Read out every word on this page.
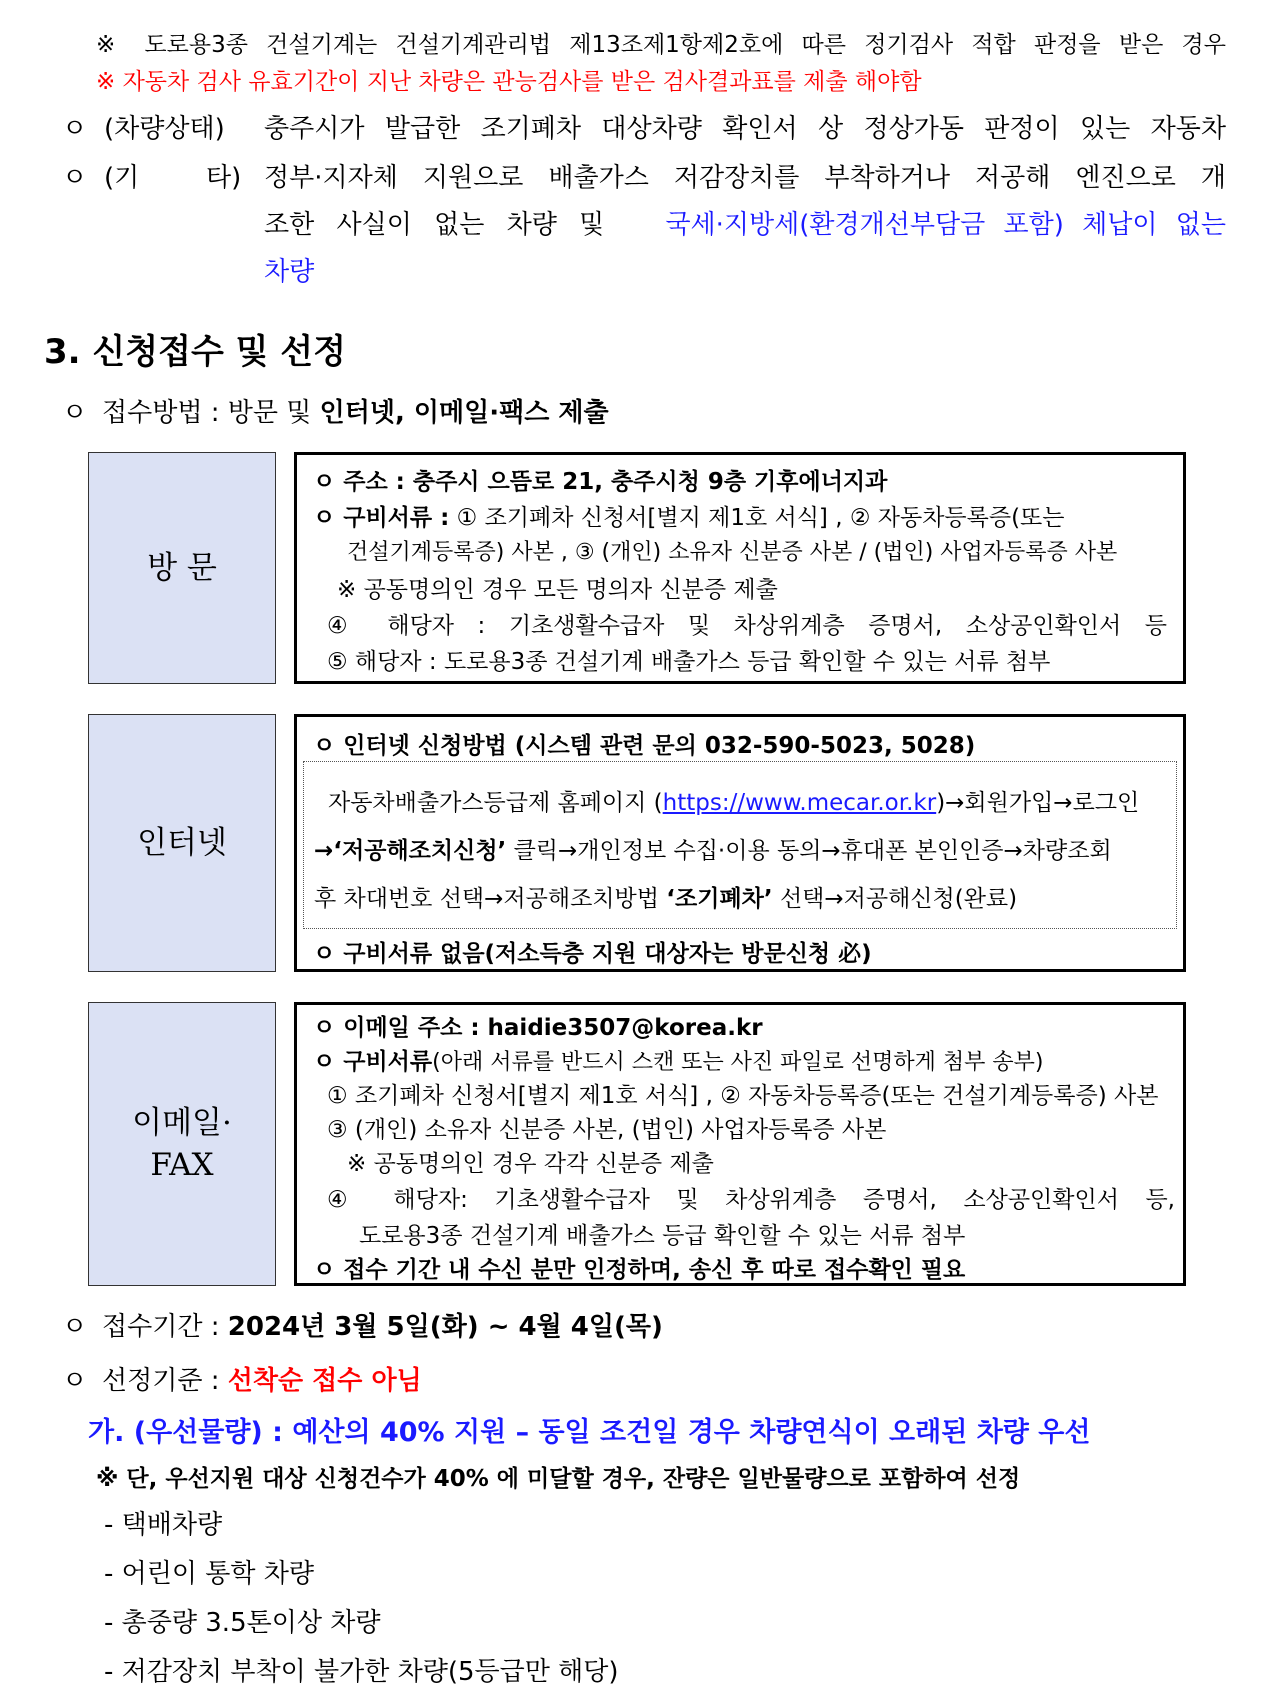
※ 도로용3종 건설기계는 건설기계관리법 제13조제1항제2호에 따른 정기검사 적합 판정을 받은 경우
※ 자동차 검사 유효기간이 지난 차량은 관능검사를 받은 검사결과표를 제출 해야함
ㅇ (차량상태) 충주시가 발급한 조기폐차 대상차량 확인서 상 정상가동 판정이 있는 자동차
ㅇ (기	타) 정부·지자체 지원으로 배출가스 저감장치를 부착하거나 저공해 엔진으로 개
조한 사실이 없는 차량 및 국세·지방세(환경개선부담금 포함) 체납이 없는
차량
3. 신청접수 및 선정
ㅇ 접수방법 : 방문 및 인터넷, 이메일·팩스 제출
방 문
ㅇ 주소 : 충주시 으뜸로 21, 충주시청 9층 기후에너지과
ㅇ 구비서류 : ① 조기폐차 신청서[별지 제1호 서식] , ② 자동차등록증(또는
건설기계등록증) 사본 , ③ (개인) 소유자 신분증 사본 / (법인) 사업자등록증 사본
※ 공동명의인 경우 모든 명의자 신분증 제출
④ 해당자 : 기초생활수급자 및 차상위계층 증명서, 소상공인확인서 등
⑤ 해당자 : 도로용3종 건설기계 배출가스 등급 확인할 수 있는 서류 첨부
인터넷
ㅇ 인터넷 신청방법 (시스템 관련 문의 032-590-5023, 5028)
자동차배출가스등급제 홈페이지 (https://www.mecar.or.kr)→회원가입→로그인
→‘저공해조치신청’ 클릭→개인정보 수집·이용 동의→휴대폰 본인인증→차량조회
후 차대번호 선택→저공해조치방법 ‘조기폐차’ 선택→저공해신청(완료)
ㅇ 구비서류 없음(저소득층 지원 대상자는 방문신청 必)
이메일·
FAX
ㅇ 이메일 주소 : haidie3507@korea.kr
ㅇ 구비서류(아래 서류를 반드시 스캔 또는 사진 파일로 선명하게 첨부 송부)
① 조기폐차 신청서[별지 제1호 서식] , ② 자동차등록증(또는 건설기계등록증) 사본
③ (개인) 소유자 신분증 사본, (법인) 사업자등록증 사본
※ 공동명의인 경우 각각 신분증 제출
④ 해당자: 기초생활수급자 및 차상위계층 증명서, 소상공인확인서 등,
도로용3종 건설기계 배출가스 등급 확인할 수 있는 서류 첨부
ㅇ 접수 기간 내 수신 분만 인정하며, 송신 후 따로 접수확인 필요
ㅇ 접수기간 : 2024년 3월 5일(화) ~ 4월 4일(목)
ㅇ 선정기준 : 선착순 접수 아님
가. (우선물량) : 예산의 40% 지원 – 동일 조건일 경우 차량연식이 오래된 차량 우선
※ 단, 우선지원 대상 신청건수가 40% 에 미달할 경우, 잔량은 일반물량으로 포함하여 선정
- 택배차량
- 어린이 통학 차량
- 총중량 3.5톤이상 차량
- 저감장치 부착이 불가한 차량(5등급만 해당)
